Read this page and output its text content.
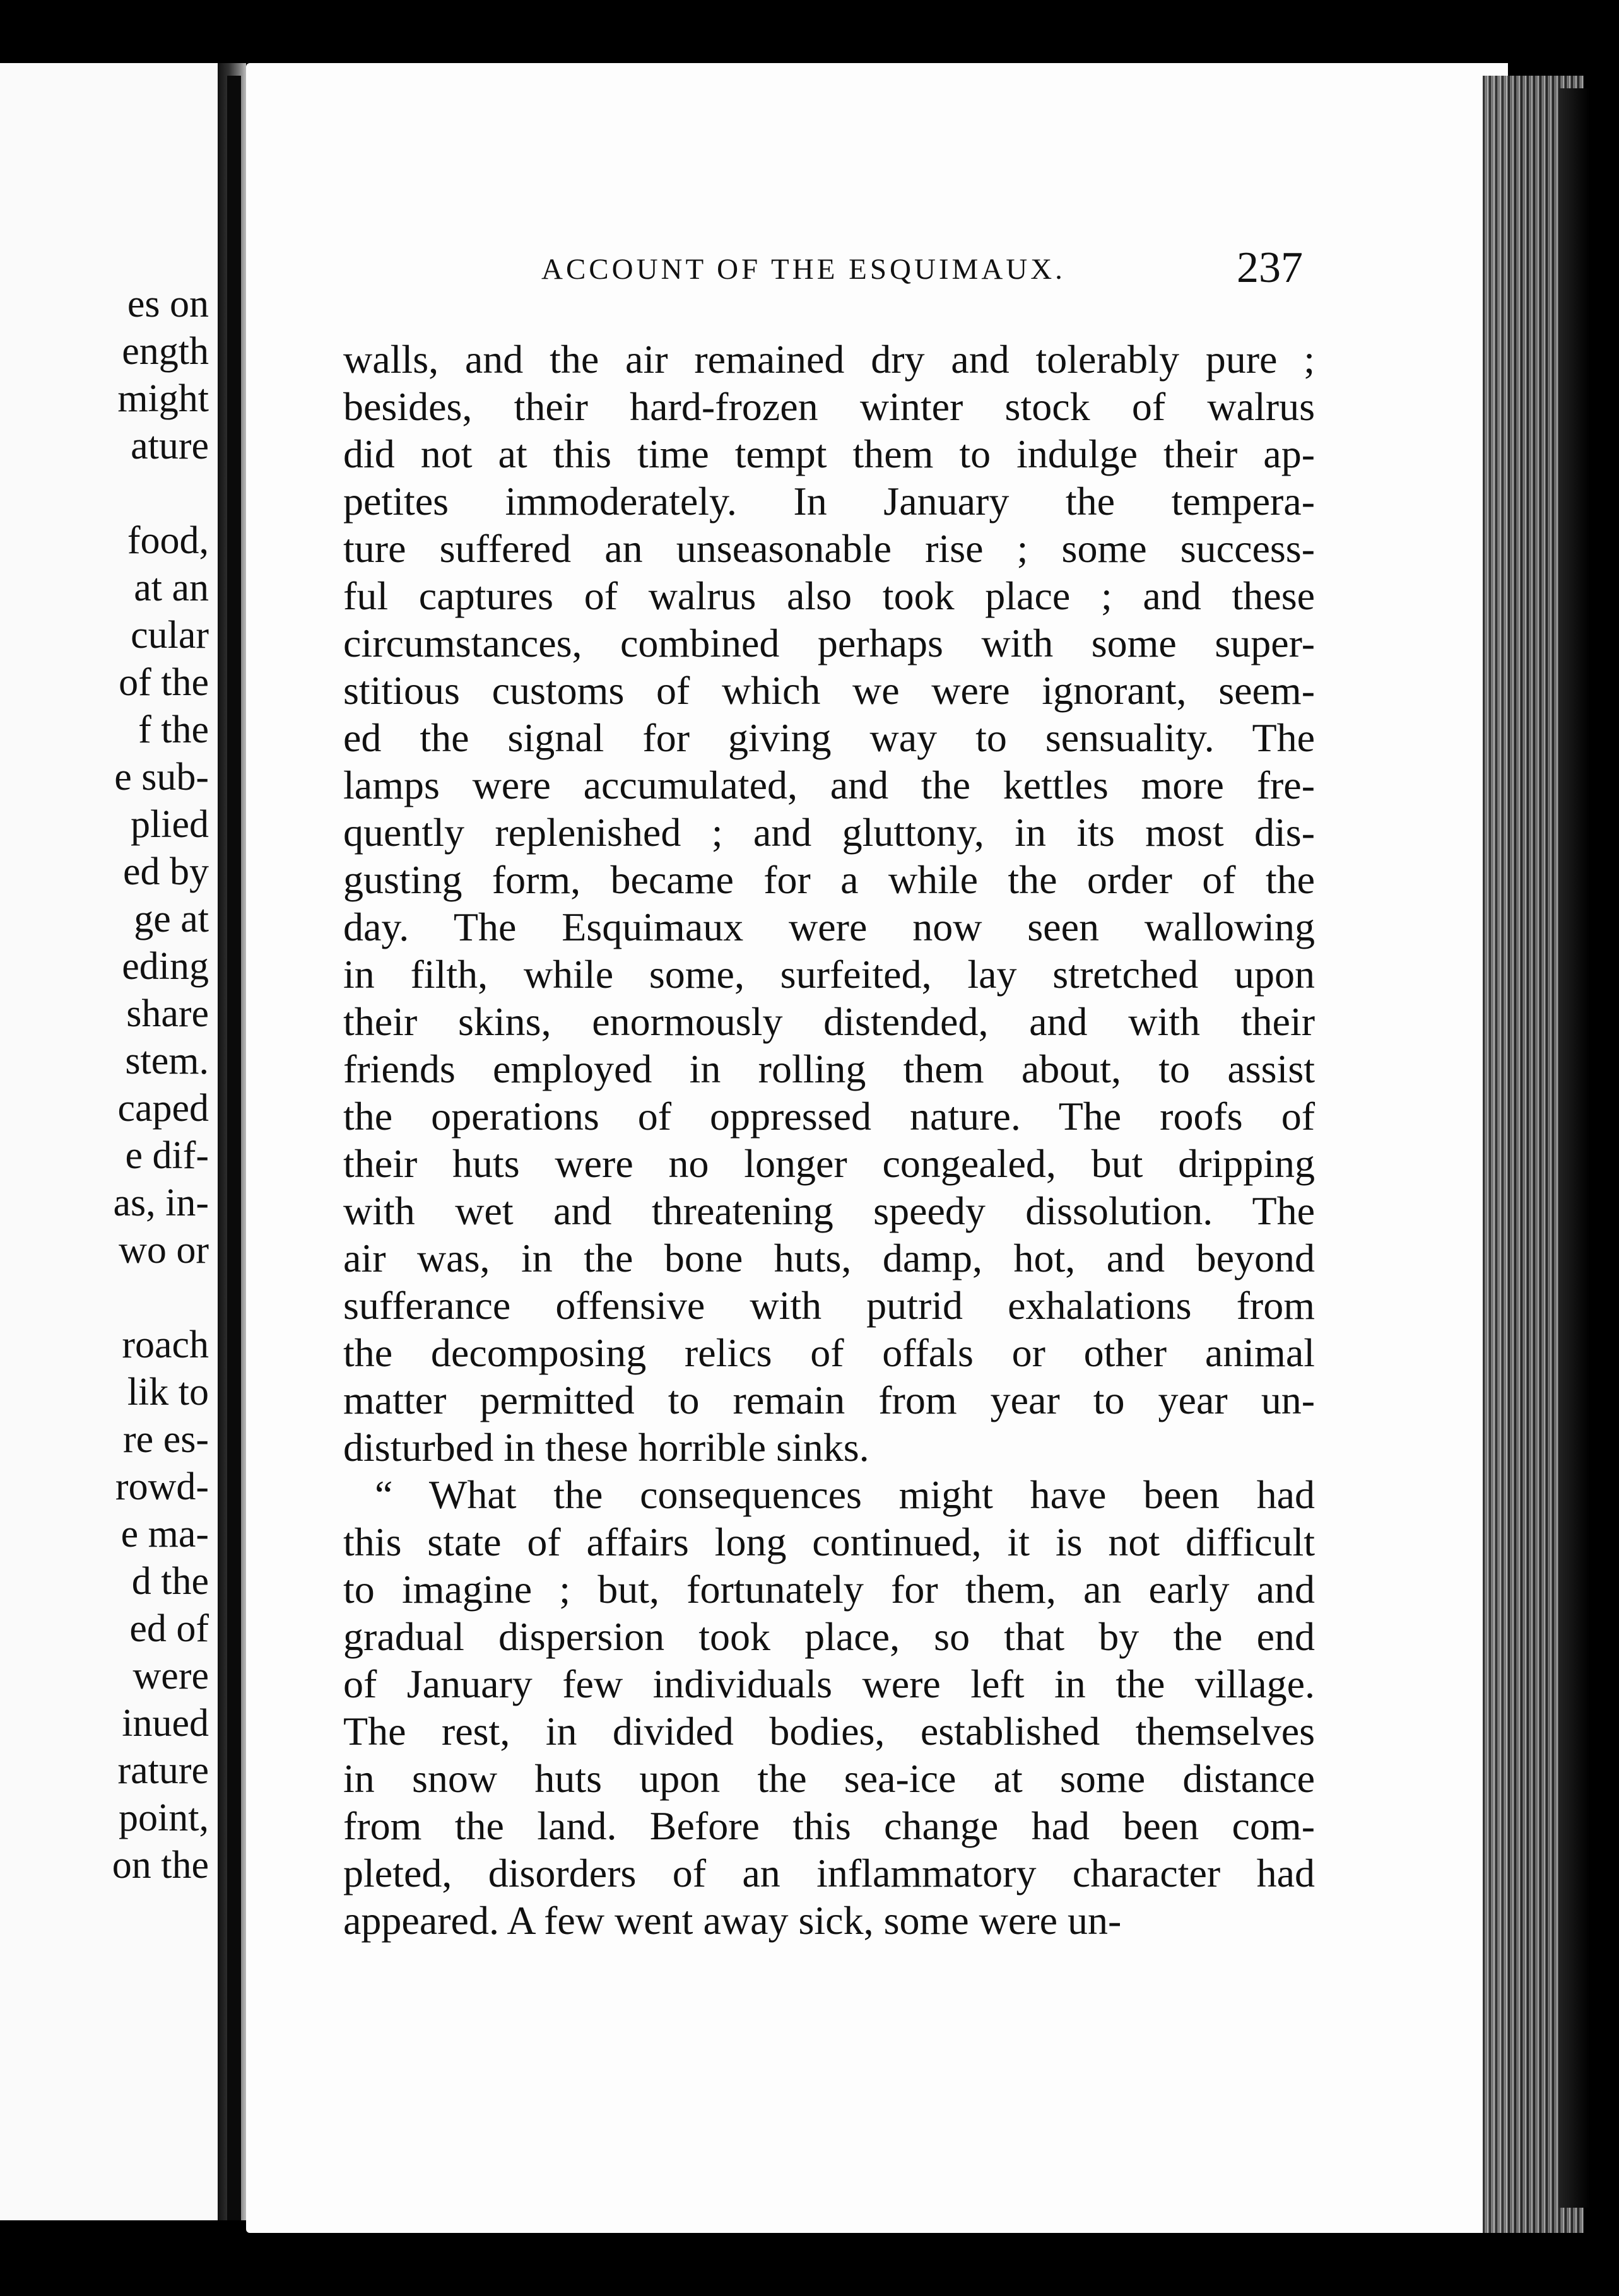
es on
ength
might
ature
food,
at an
cular
of the
f the
e sub-
plied
ed by
ge at
eding
share
stem.
caped
e dif-
as, in-
wo or
roach
lik to
re es-
rowd-
e ma-
d the
ed of
were
inued
rature
point,
on the
ACCOUNT OF THE ESQUIMAUX.	237
walls, and the air remained dry and tolerably pure ;
besides, their hard-frozen winter stock of walrus
did not at this time tempt them to indulge their ap-
petites immoderately. In January the tempera-
ture suffered an unseasonable rise ; some success-
ful captures of walrus also took place ; and these
circumstances, combined perhaps with some super-
stitious customs of which we were ignorant, seem-
ed the signal for giving way to sensuality. The
lamps were accumulated, and the kettles more fre-
quently replenished ; and gluttony, in its most dis-
gusting form, became for a while the order of the
day. The Esquimaux were now seen wallowing
in filth, while some, surfeited, lay stretched upon
their skins, enormously distended, and with their
friends employed in rolling them about, to assist
the operations of oppressed nature. The roofs of
their huts were no longer congealed, but dripping
with wet and threatening speedy dissolution. The
air was, in the bone huts, damp, hot, and beyond
sufferance offensive with putrid exhalations from
the decomposing relics of offals or other animal
matter permitted to remain from year to year un-
disturbed in these horrible sinks.
“ What the consequences might have been had
this state of affairs long continued, it is not difficult
to imagine ; but, fortunately for them, an early and
gradual dispersion took place, so that by the end
of January few individuals were left in the village.
The rest, in divided bodies, established themselves
in snow huts upon the sea-ice at some distance
from the land. Before this change had been com-
pleted, disorders of an inflammatory character had
appeared. A few went away sick, some were un-
